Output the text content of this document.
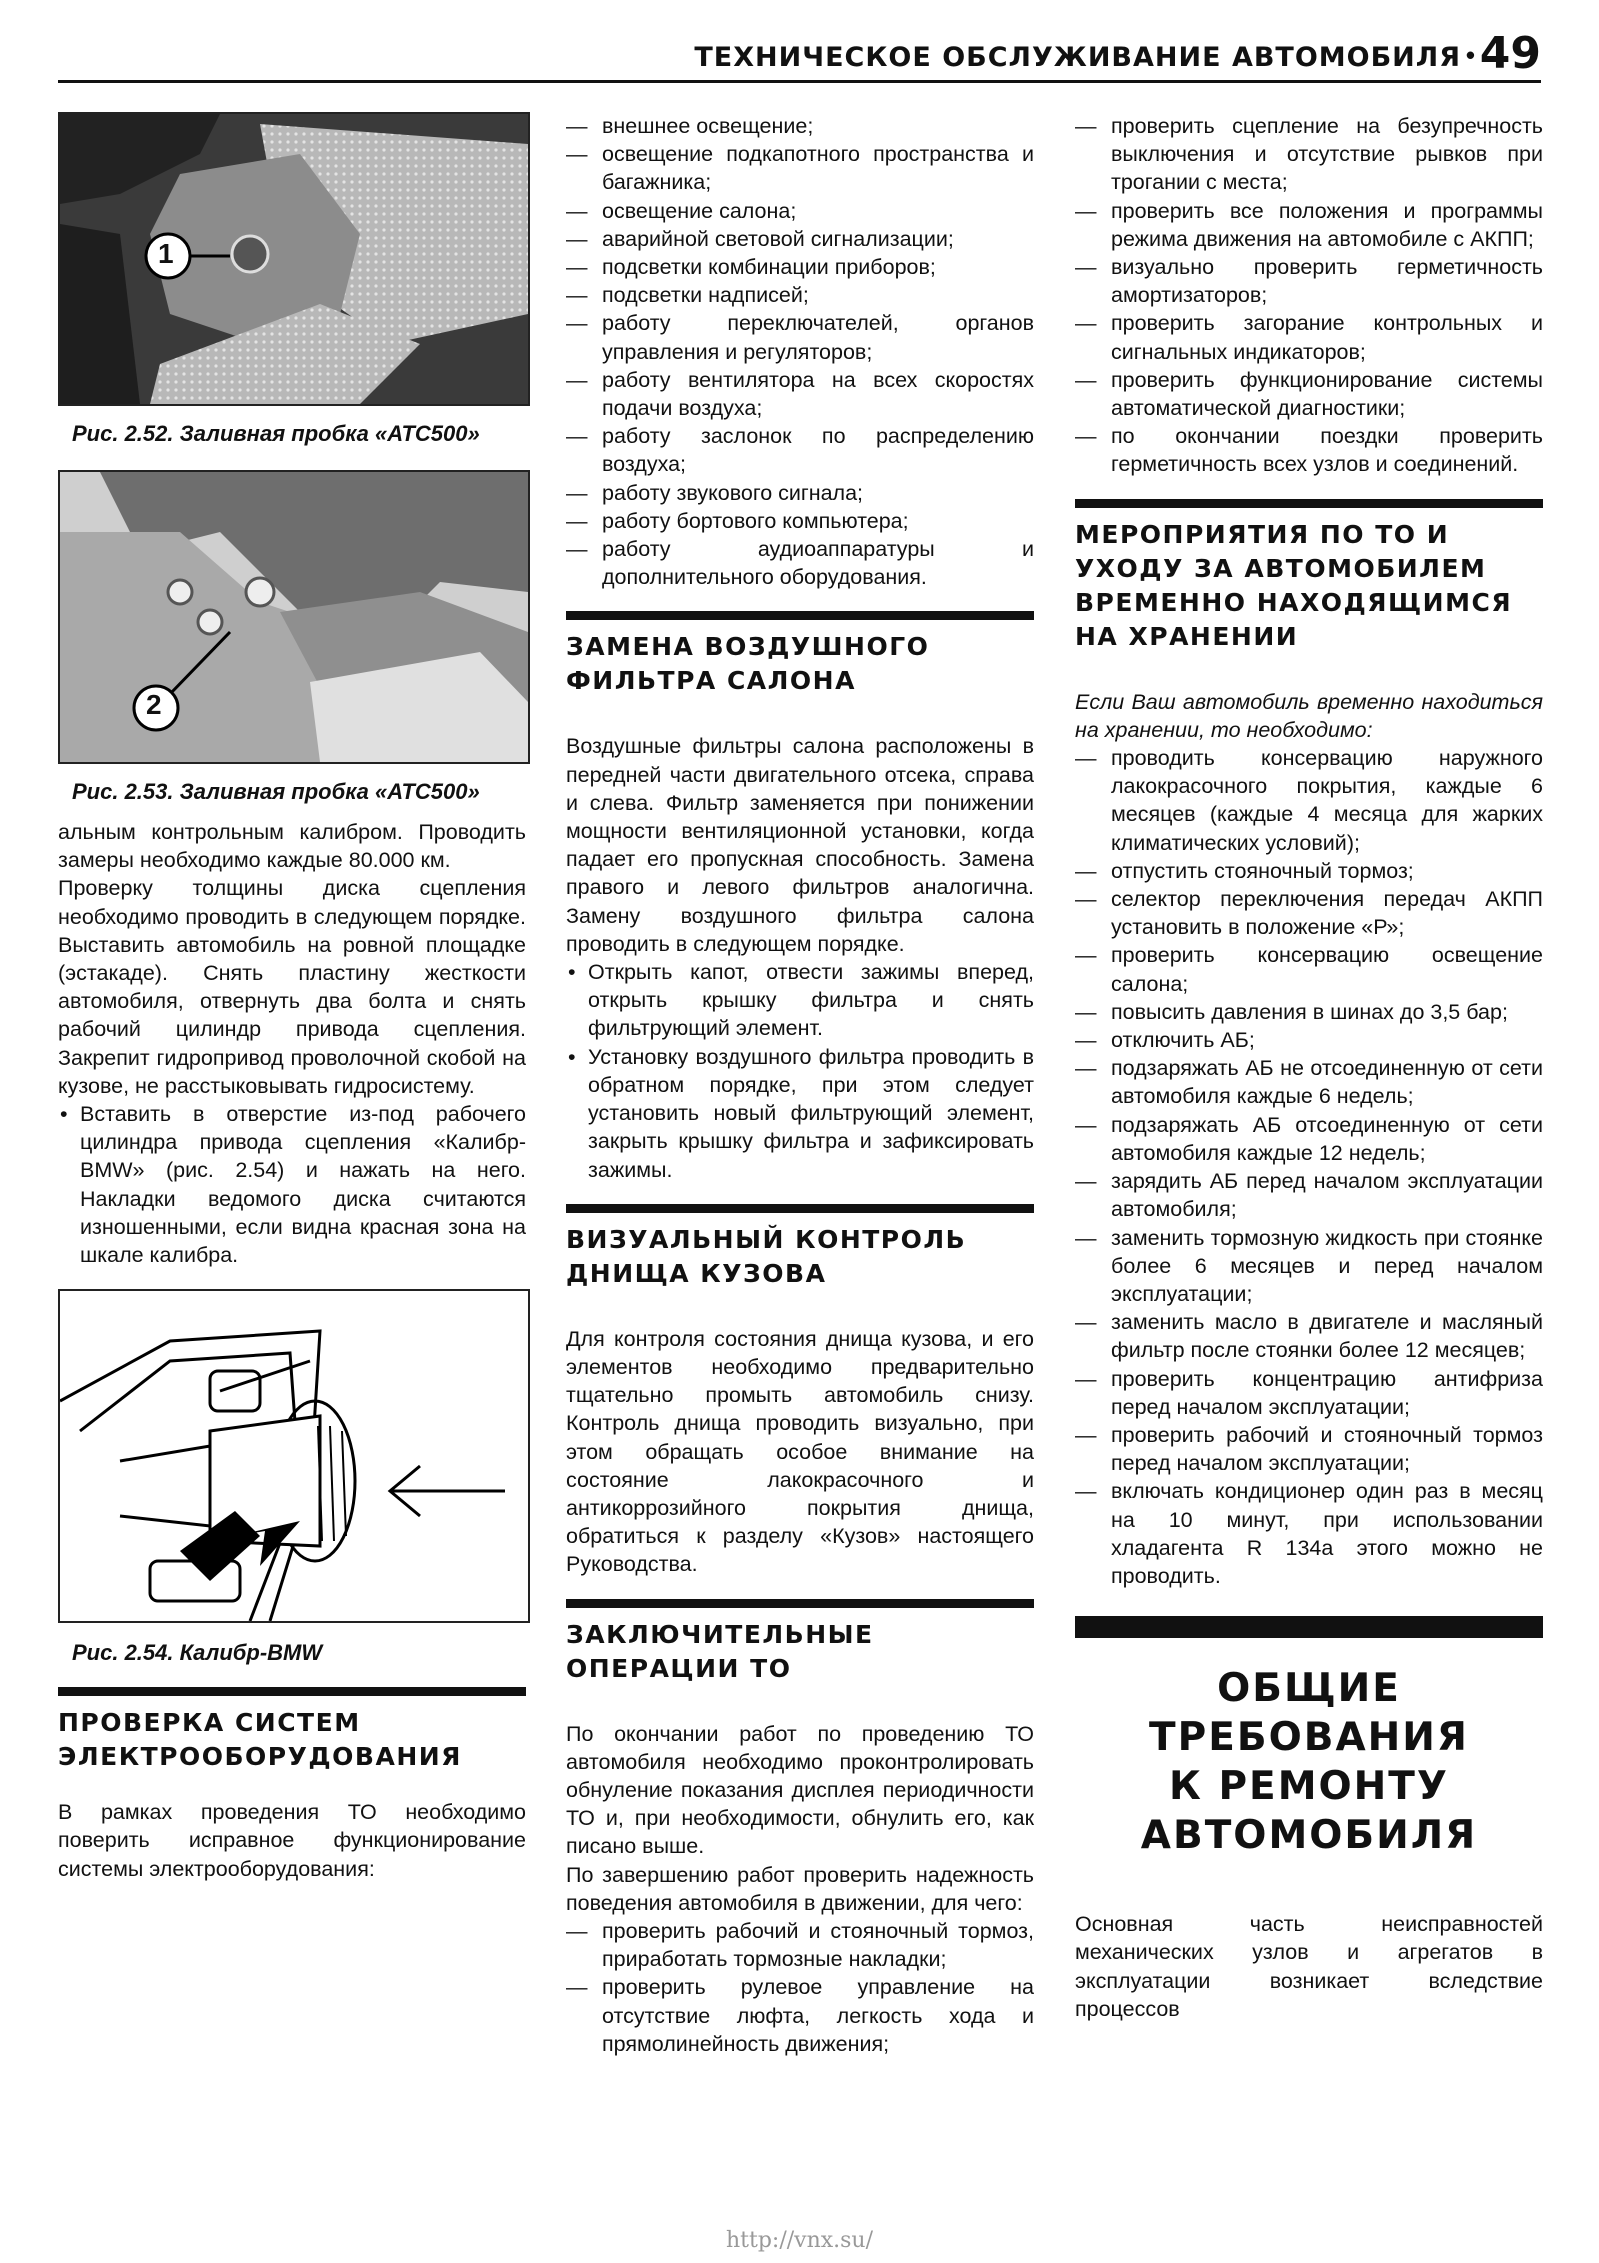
ТЕХНИЧЕСКОЕ ОБСЛУЖИВАНИЕ АВТОМОБИЛЯ • 49
1

Рис. 2.52. Заливная пробка «ATC500»

2

Рис. 2.53. Заливная пробка «ATC500»

альным контрольным калибром. Проводить замеры необходимо каждые 80.000 км.

Проверку толщины диска сцепления необходимо проводить в следующем порядке. Выставить автомобиль на ровной площадке (эстакаде). Снять пластину жесткости автомобиля, отвернуть два болта и снять рабочий цилиндр привода сцепления. Закрепит гидропривод проволочной скобой на кузове, не расстыковывать гидросистему.

• Вставить в отверстие из-под рабочего цилиндра привода сцепления «Калибр-BMW» (рис. 2.54) и нажать на него. Накладки ведомого диска считаются изношенными, если видна красная зона на шкале калибра.

Рис. 2.54. Калибр-BMW

ПРОВЕРКА СИСТЕМ ЭЛЕКТРООБОРУДОВАНИЯ

В рамках проведения ТО необходимо поверить исправное функционирование системы электрооборудования:

— внешнее освещение;
— освещение подкапотного пространства и багажника;
— освещение салона;
— аварийной световой сигнализации;
— подсветки комбинации приборов;
— подсветки надписей;
— работу переключателей, органов управления и регуляторов;
— работу вентилятора на всех скоростях подачи воздуха;
— работу заслонок по распределению воздуха;
— работу звукового сигнала;
— работу бортового компьютера;
— работу аудиоаппаратуры и дополнительного оборудования.
ЗАМЕНА ВОЗДУШНОГО ФИЛЬТРА САЛОНА

Воздушные фильтры салона расположены в передней части двигательного отсека, справа и слева. Фильтр заменяется при понижении мощности вентиляционной установки, когда падает его пропускная способность. Замена правого и левого фильтров аналогична. Замену воздушного фильтра салона проводить в следующем порядке.

• Открыть капот, отвести зажимы вперед, открыть крышку фильтра и снять фильтрующий элемент.
• Установку воздушного фильтра проводить в обратном порядке, при этом следует установить новый фильтрующий элемент, закрыть крышку фильтра и зафиксировать зажимы.
ВИЗУАЛЬНЫЙ КОНТРОЛЬ ДНИЩА КУЗОВА

Для контроля состояния днища кузова, и его элементов необходимо предварительно тщательно промыть автомобиль снизу. Контроль днища проводить визуально, при этом обращать особое внимание на состояние лакокрасочного и антикоррозийного покрытия днища, обратиться к разделу «Кузов» настоящего Руководства.

ЗАКЛЮЧИТЕЛЬНЫЕ ОПЕРАЦИИ ТО

По окончании работ по проведению ТО автомобиля необходимо проконтролировать обнуление показания дисплея периодичности ТО и, при необходимости, обнулить его, как писано выше.

По завершению работ проверить надежность поведения автомобиля в движении, для чего:

— проверить рабочий и стояночный тормоз, приработать тормозные накладки;
— проверить рулевое управление на отсутствие люфта, легкость хода и прямолинейность движения;
— проверить сцепление на безупречность выключения и отсутствие рывков при трогании с места;
— проверить все положения и программы режима движения на автомобиле с АКПП;
— визуально проверить герметичность амортизаторов;
— проверить загорание контрольных и сигнальных индикаторов;
— проверить функционирование системы автоматической диагностики;
— по окончании поездки проверить герметичность всех узлов и соединений.
МЕРОПРИЯТИЯ ПО ТО И УХОДУ ЗА АВТОМОБИЛЕМ ВРЕМЕННО НАХОДЯЩИМСЯ НА ХРАНЕНИИ

Если Ваш автомобиль временно находиться на хранении, то необходимо:

— проводить консервацию наружного лакокрасочного покрытия, каждые 6 месяцев (каждые 4 месяца для жарких климатических условий);
— отпустить стояночный тормоз;
— селектор переключения передач АКПП установить в положение «Р»;
— проверить консервацию освещение салона;
— повысить давления в шинах до 3,5 бар;
— отключить АБ;
— подзаряжать АБ не отсоединенную от сети автомобиля каждые 6 недель;
— подзаряжать АБ отсоединенную от сети автомобиля каждые 12 недель;
— зарядить АБ перед началом эксплуатации автомобиля;
— заменить тормозную жидкость при стоянке более 6 месяцев и перед началом эксплуатации;
— заменить масло в двигателе и масляный фильтр после стоянки более 12 месяцев;
— проверить концентрацию антифриза перед началом эксплуатации;
— проверить рабочий и стояночный тормоз перед началом эксплуатации;
— включать кондиционер один раз в месяц на 10 минут, при использовании хладагента R 134a этого можно не проводить.
ОБЩИЕ
ТРЕБОВАНИЯ
К РЕМОНТУ
АВТОМОБИЛЯ

Основная часть неисправностей механических узлов и агрегатов в эксплуатации возникает вследствие процессов

http://vnx.su/
